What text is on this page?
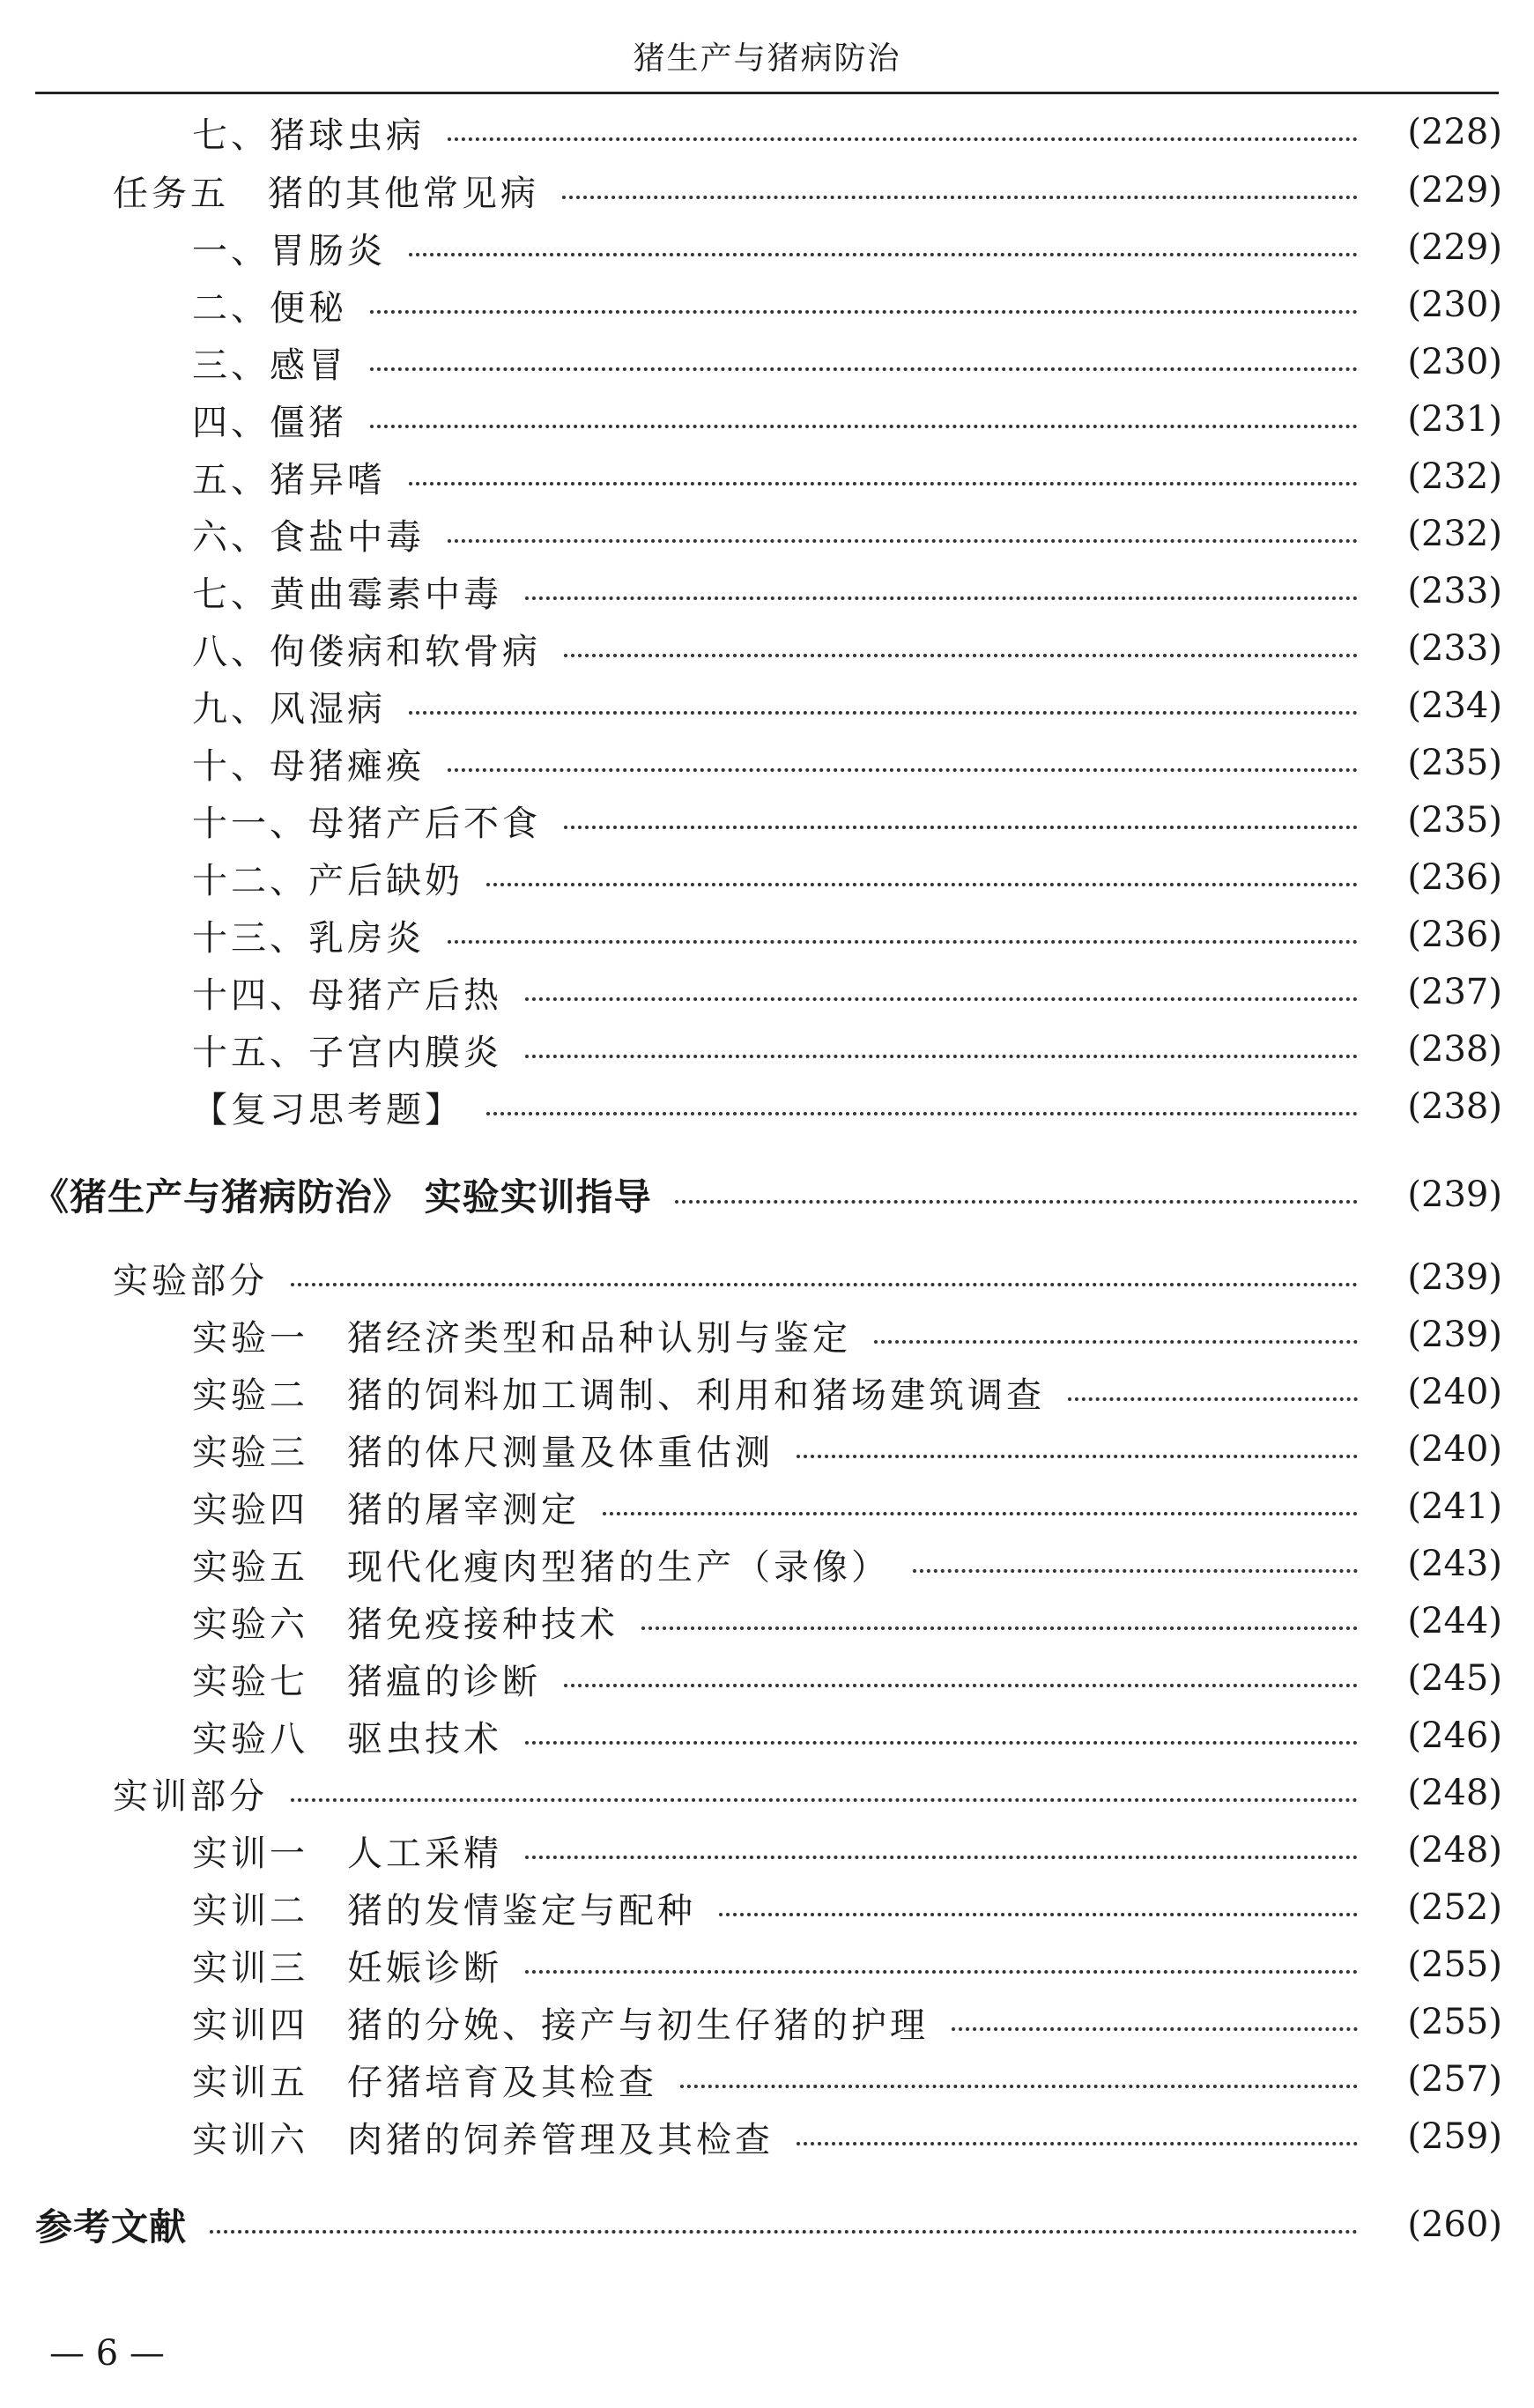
猪生产与猪病防治
七、猪球虫病	(228)
任务五　猪的其他常见病	(229)
一、胃肠炎	(229)
二、便秘	(230)
三、感冒	(230)
四、僵猪	(231)
五、猪异嗜	(232)
六、食盐中毒	(232)
七、黄曲霉素中毒	(233)
八、佝偻病和软骨病	(233)
九、风湿病	(234)
十、母猪瘫痪	(235)
十一、母猪产后不食	(235)
十二、产后缺奶	(236)
十三、乳房炎	(236)
十四、母猪产后热	(237)
十五、子宫内膜炎	(238)
【复习思考题】	(238)
《猪生产与猪病防治》 实验实训指导	(239)
实验部分	(239)
实验一　猪经济类型和品种认别与鉴定	(239)
实验二　猪的饲料加工调制、利用和猪场建筑调查	(240)
实验三　猪的体尺测量及体重估测	(240)
实验四　猪的屠宰测定	(241)
实验五　现代化瘦肉型猪的生产（录像）	(243)
实验六　猪免疫接种技术	(244)
实验七　猪瘟的诊断	(245)
实验八　驱虫技术	(246)
实训部分	(248)
实训一　人工采精	(248)
实训二　猪的发情鉴定与配种	(252)
实训三　妊娠诊断	(255)
实训四　猪的分娩、接产与初生仔猪的护理	(255)
实训五　仔猪培育及其检查	(257)
实训六　肉猪的饲养管理及其检查	(259)
参考文献	(260)
— 6 —
